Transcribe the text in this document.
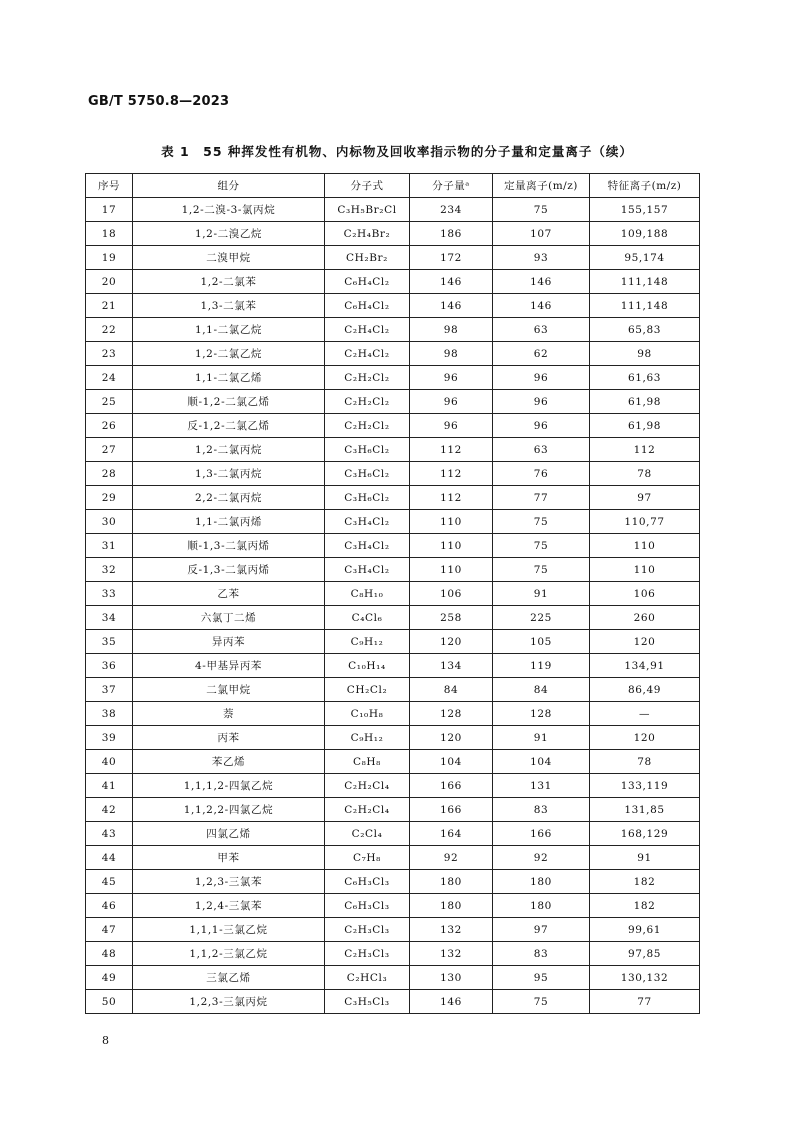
GB/T 5750.8—2023
表 1　55 种挥发性有机物、内标物及回收率指示物的分子量和定量离子（续）
序号	组分	分子式	分子量ᵃ	定量离子(m/z)	特征离子(m/z)
17	1,2-二溴-3-氯丙烷	C₃H₅Br₂Cl	234	75	155,157
18	1,2-二溴乙烷	C₂H₄Br₂	186	107	109,188
19	二溴甲烷	CH₂Br₂	172	93	95,174
20	1,2-二氯苯	C₆H₄Cl₂	146	146	111,148
21	1,3-二氯苯	C₆H₄Cl₂	146	146	111,148
22	1,1-二氯乙烷	C₂H₄Cl₂	98	63	65,83
23	1,2-二氯乙烷	C₂H₄Cl₂	98	62	98
24	1,1-二氯乙烯	C₂H₂Cl₂	96	96	61,63
25	顺-1,2-二氯乙烯	C₂H₂Cl₂	96	96	61,98
26	反-1,2-二氯乙烯	C₂H₂Cl₂	96	96	61,98
27	1,2-二氯丙烷	C₃H₆Cl₂	112	63	112
28	1,3-二氯丙烷	C₃H₆Cl₂	112	76	78
29	2,2-二氯丙烷	C₃H₆Cl₂	112	77	97
30	1,1-二氯丙烯	C₃H₄Cl₂	110	75	110,77
31	顺-1,3-二氯丙烯	C₃H₄Cl₂	110	75	110
32	反-1,3-二氯丙烯	C₃H₄Cl₂	110	75	110
33	乙苯	C₈H₁₀	106	91	106
34	六氯丁二烯	C₄Cl₆	258	225	260
35	异丙苯	C₉H₁₂	120	105	120
36	4-甲基异丙苯	C₁₀H₁₄	134	119	134,91
37	二氯甲烷	CH₂Cl₂	84	84	86,49
38	萘	C₁₀H₈	128	128	—
39	丙苯	C₉H₁₂	120	91	120
40	苯乙烯	C₈H₈	104	104	78
41	1,1,1,2-四氯乙烷	C₂H₂Cl₄	166	131	133,119
42	1,1,2,2-四氯乙烷	C₂H₂Cl₄	166	83	131,85
43	四氯乙烯	C₂Cl₄	164	166	168,129
44	甲苯	C₇H₈	92	92	91
45	1,2,3-三氯苯	C₆H₃Cl₃	180	180	182
46	1,2,4-三氯苯	C₆H₃Cl₃	180	180	182
47	1,1,1-三氯乙烷	C₂H₃Cl₃	132	97	99,61
48	1,1,2-三氯乙烷	C₂H₃Cl₃	132	83	97,85
49	三氯乙烯	C₂HCl₃	130	95	130,132
50	1,2,3-三氯丙烷	C₃H₅Cl₃	146	75	77
8
